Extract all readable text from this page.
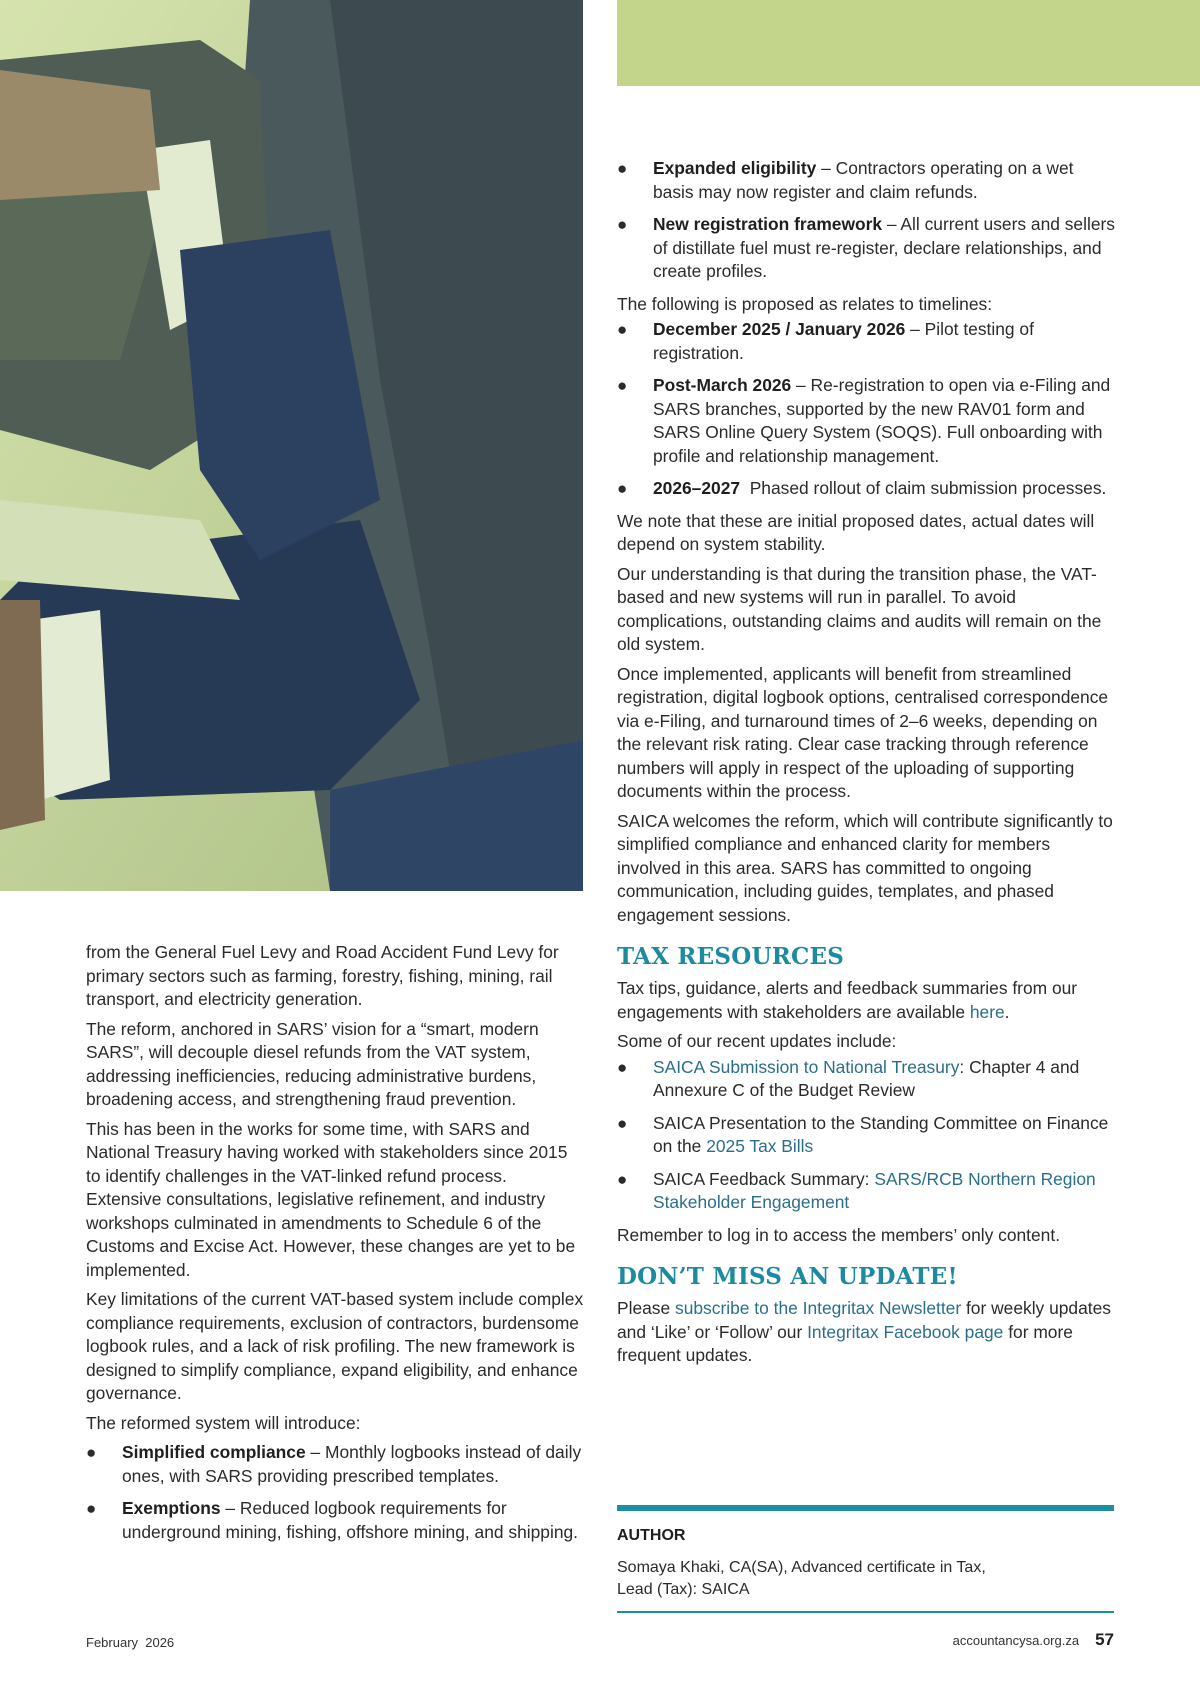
from the General Fuel Levy and Road Accident Fund Levy for primary sectors such as farming, forestry, fishing, mining, rail transport, and electricity generation.

The reform, anchored in SARS’ vision for a “smart, modern SARS”, will decouple diesel refunds from the VAT system, addressing inefficiencies, reducing administrative burdens, broadening access, and strengthening fraud prevention.

This has been in the works for some time, with SARS and National Treasury having worked with stakeholders since 2015 to identify challenges in the VAT-linked refund process. Extensive consultations, legislative refinement, and industry workshops culminated in amendments to Schedule 6 of the Customs and Excise Act. However, these changes are yet to be implemented.

Key limitations of the current VAT-based system include complex compliance requirements, exclusion of contractors, burdensome logbook rules, and a lack of risk profiling. The new framework is designed to simplify compliance, expand eligibility, and enhance governance.

The reformed system will introduce:

● Simplified compliance – Monthly logbooks instead of daily ones, with SARS providing prescribed templates.
● Exemptions – Reduced logbook requirements for underground mining, fishing, offshore mining, and shipping.
● Expanded eligibility – Contractors operating on a wet basis may now register and claim refunds.
● New registration framework – All current users and sellers of distillate fuel must re-register, declare relationships, and create profiles.

The following is proposed as relates to timelines:

● December 2025 / January 2026 – Pilot testing of registration.
● Post-March 2026 – Re-registration to open via e-Filing and SARS branches, supported by the new RAV01 form and SARS Online Query System (SOQS). Full onboarding with profile and relationship management.
● 2026–2027  Phased rollout of claim submission processes.

We note that these are initial proposed dates, actual dates will depend on system stability.

Our understanding is that during the transition phase, the VAT-based and new systems will run in parallel. To avoid complications, outstanding claims and audits will remain on the old system.

Once implemented, applicants will benefit from streamlined registration, digital logbook options, centralised correspondence via e-Filing, and turnaround times of 2–6 weeks, depending on the relevant risk rating. Clear case tracking through reference numbers will apply in respect of the uploading of supporting documents within the process.

SAICA welcomes the reform, which will contribute significantly to simplified compliance and enhanced clarity for members involved in this area. SARS has committed to ongoing communication, including guides, templates, and phased engagement sessions.

TAX RESOURCES

Tax tips, guidance, alerts and feedback summaries from our engagements with stakeholders are available here.

Some of our recent updates include:

● SAICA Submission to National Treasury: Chapter 4 and Annexure C of the Budget Review
● SAICA Presentation to the Standing Committee on Finance on the 2025 Tax Bills
● SAICA Feedback Summary: SARS/RCB Northern Region Stakeholder Engagement

Remember to log in to access the members’ only content.

DON’T MISS AN UPDATE!

Please subscribe to the Integritax Newsletter for weekly updates and ‘Like’ or ‘Follow’ our Integritax Facebook page for more frequent updates.

AUTHOR
Somaya Khaki, CA(SA), Advanced certificate in Tax,
Lead (Tax): SAICA
February  2026	accountancysa.org.za 57
